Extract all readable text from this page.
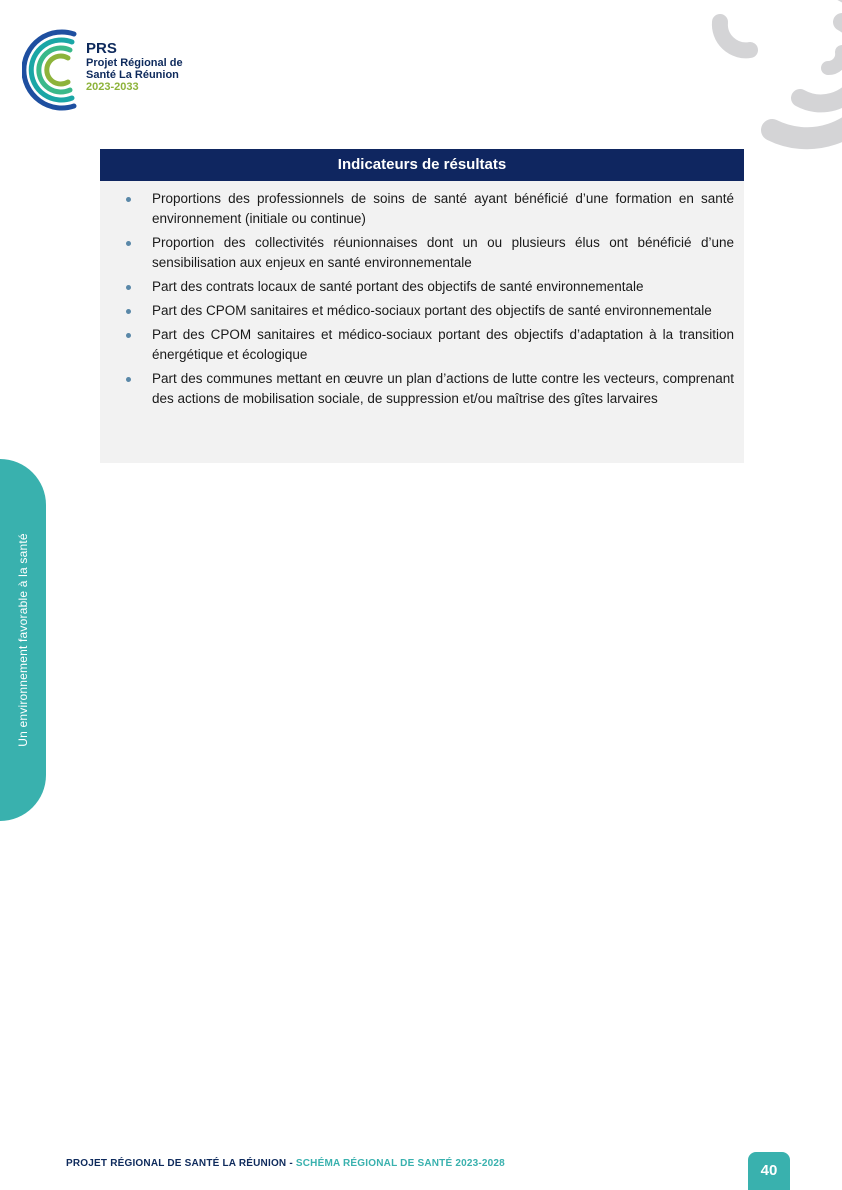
PRS
Projet Régional de
Santé La Réunion
2023-2033
Indicateurs de résultats
Proportions des professionnels de soins de santé ayant bénéficié d’une formation en santé environnement (initiale ou continue)
Proportion des collectivités réunionnaises dont un ou plusieurs élus ont bénéficié d’une sensibilisation aux enjeux en santé environnementale
Part des contrats locaux de santé portant des objectifs de santé environnementale
Part des CPOM sanitaires et médico-sociaux portant des objectifs de santé environnementale
Part des CPOM sanitaires et médico-sociaux portant des objectifs d’adaptation à la transition énergétique et écologique
Part des communes mettant en œuvre un plan d’actions de lutte contre les vecteurs, comprenant des actions de mobilisation sociale, de suppression et/ou maîtrise des gîtes larvaires
Un environnement favorable à la santé
PROJET RÉGIONAL DE SANTÉ LA RÉUNION - SCHÉMA RÉGIONAL DE SANTÉ 2023-2028	40
